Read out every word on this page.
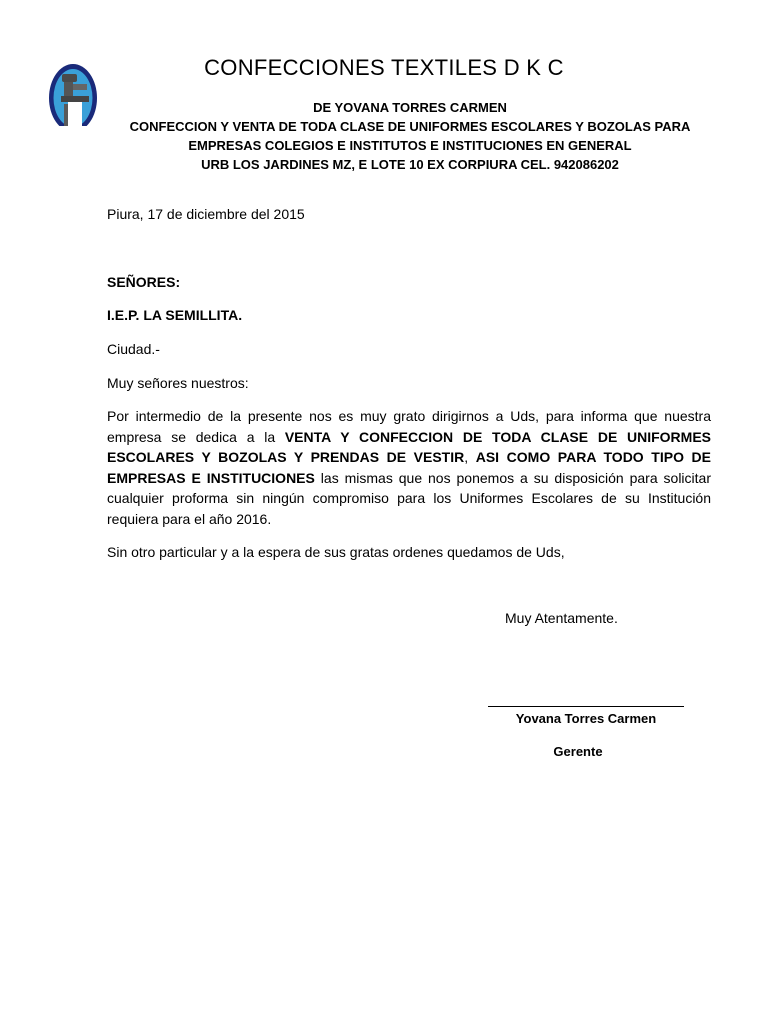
CONFECCIONES TEXTILES D K C
DE YOVANA TORRES CARMEN
CONFECCION Y VENTA DE TODA CLASE DE UNIFORMES ESCOLARES Y BOZOLAS PARA
EMPRESAS COLEGIOS E INSTITUTOS E INSTITUCIONES EN GENERAL
URB LOS JARDINES MZ, E LOTE 10 EX CORPIURA CEL. 942086202
Piura, 17 de diciembre del 2015
SEÑORES:
I.E.P. LA SEMILLITA.
Ciudad.-
Muy señores nuestros:
Por intermedio de la presente nos es muy grato dirigirnos a Uds, para informa que nuestra empresa se dedica a la VENTA Y CONFECCION DE TODA CLASE DE UNIFORMES ESCOLARES Y BOZOLAS Y PRENDAS DE VESTIR, ASI COMO PARA TODO TIPO DE EMPRESAS E INSTITUCIONES las mismas que nos ponemos a su disposición para solicitar cualquier proforma sin ningún compromiso para los Uniformes Escolares de su Institución requiera para el año 2016.
Sin otro particular y a la espera de sus gratas ordenes quedamos de Uds,
Muy Atentamente.
Yovana Torres Carmen
Gerente
